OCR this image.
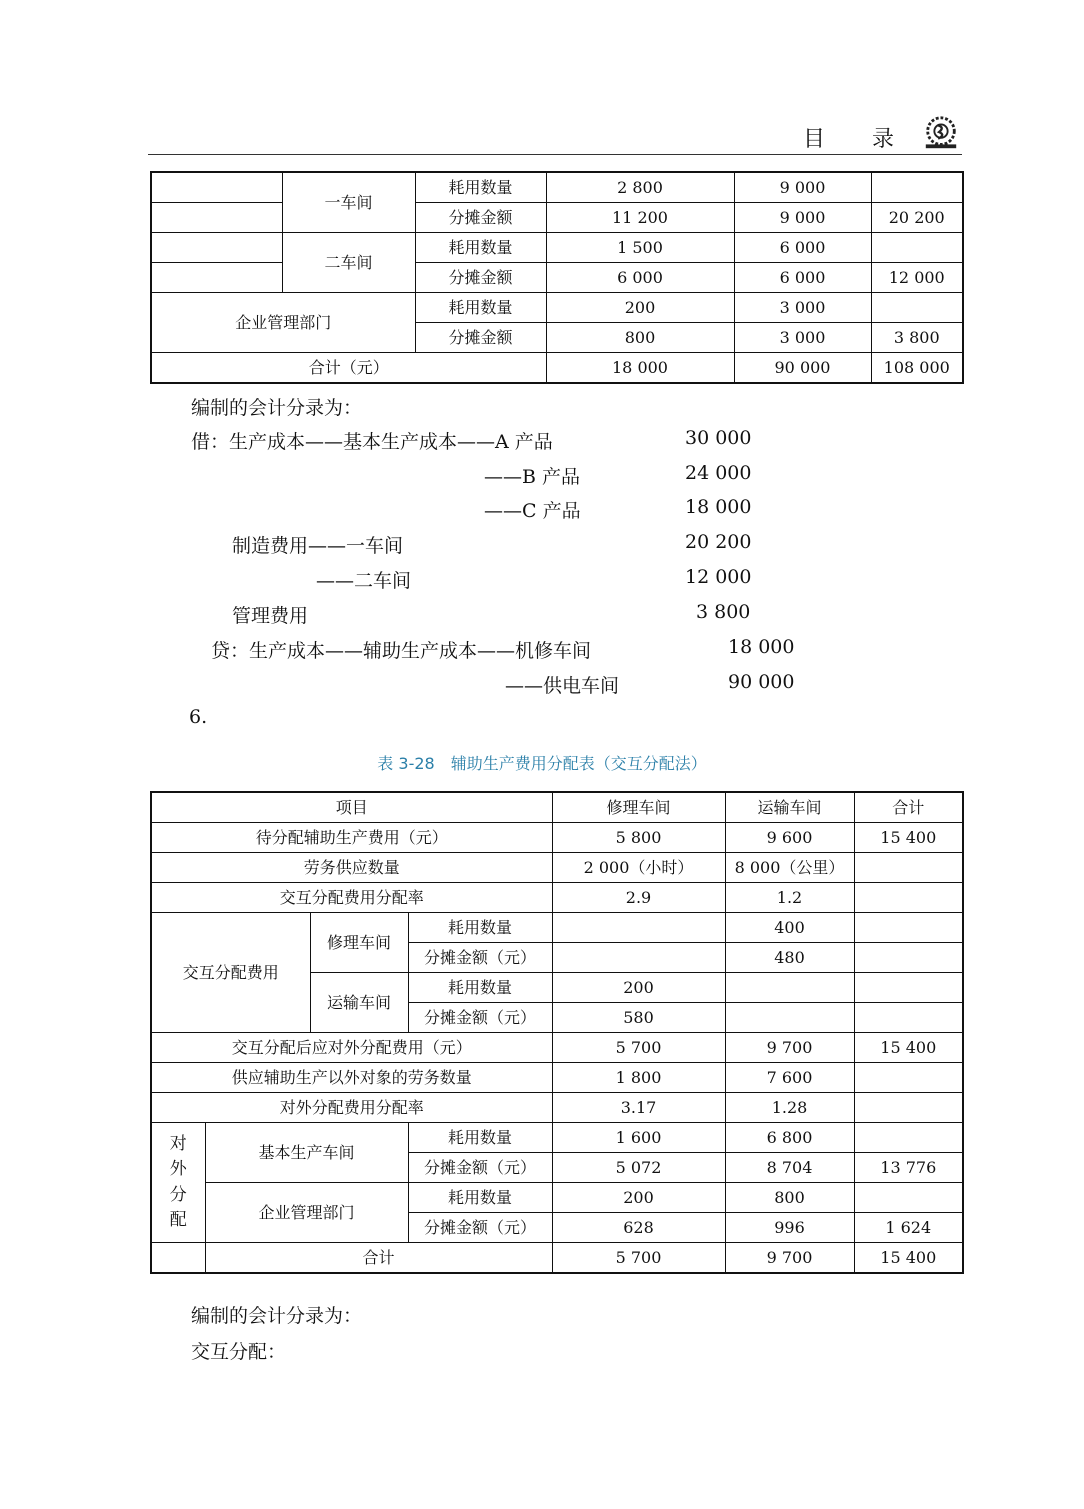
目 录
	一车间	耗用数量	2 800	9 000	
		分摊金额	11 200	9 000	20 200
	二车间	耗用数量	1 500	6 000	
		分摊金额	6 000	6 000	12 000
企业管理部门		耗用数量	200	3 000	
		分摊金额	800	3 000	3 800
合计（元）			18 000	90 000	108 000
编制的会计分录为：
借：生产成本——基本生产成本——A 产品	30 000
——B 产品	24 000
——C 产品	18 000
制造费用——一车间	20 200
——二车间	12 000
管理费用	3 800
贷：生产成本——辅助生产成本——机修车间	18 000
——供电车间	90 000
6.
表 3-28　辅助生产费用分配表（交互分配法）
项目				修理车间	运输车间	合计
待分配辅助生产费用（元）				5 800	9 600	15 400
劳务供应数量				2 000（小时）	8 000（公里）	
交互分配费用分配率				2.9	1.2	
交互分配费用		修理车间	耗用数量		400	
			分摊金额（元）		480	
		运输车间	耗用数量	200		
			分摊金额（元）	580		
交互分配后应对外分配费用（元）				5 700	9 700	15 400
供应辅助生产以外对象的劳务数量				1 800	7 600	
对外分配费用分配率				3.17	1.28	
对
外
分
配	基本生产车间		耗用数量	1 600	6 800	
			分摊金额（元）	5 072	8 704	13 776
	企业管理部门		耗用数量	200	800	
			分摊金额（元）	628	996	1 624
	合计			5 700	9 700	15 400
编制的会计分录为：
交互分配：
